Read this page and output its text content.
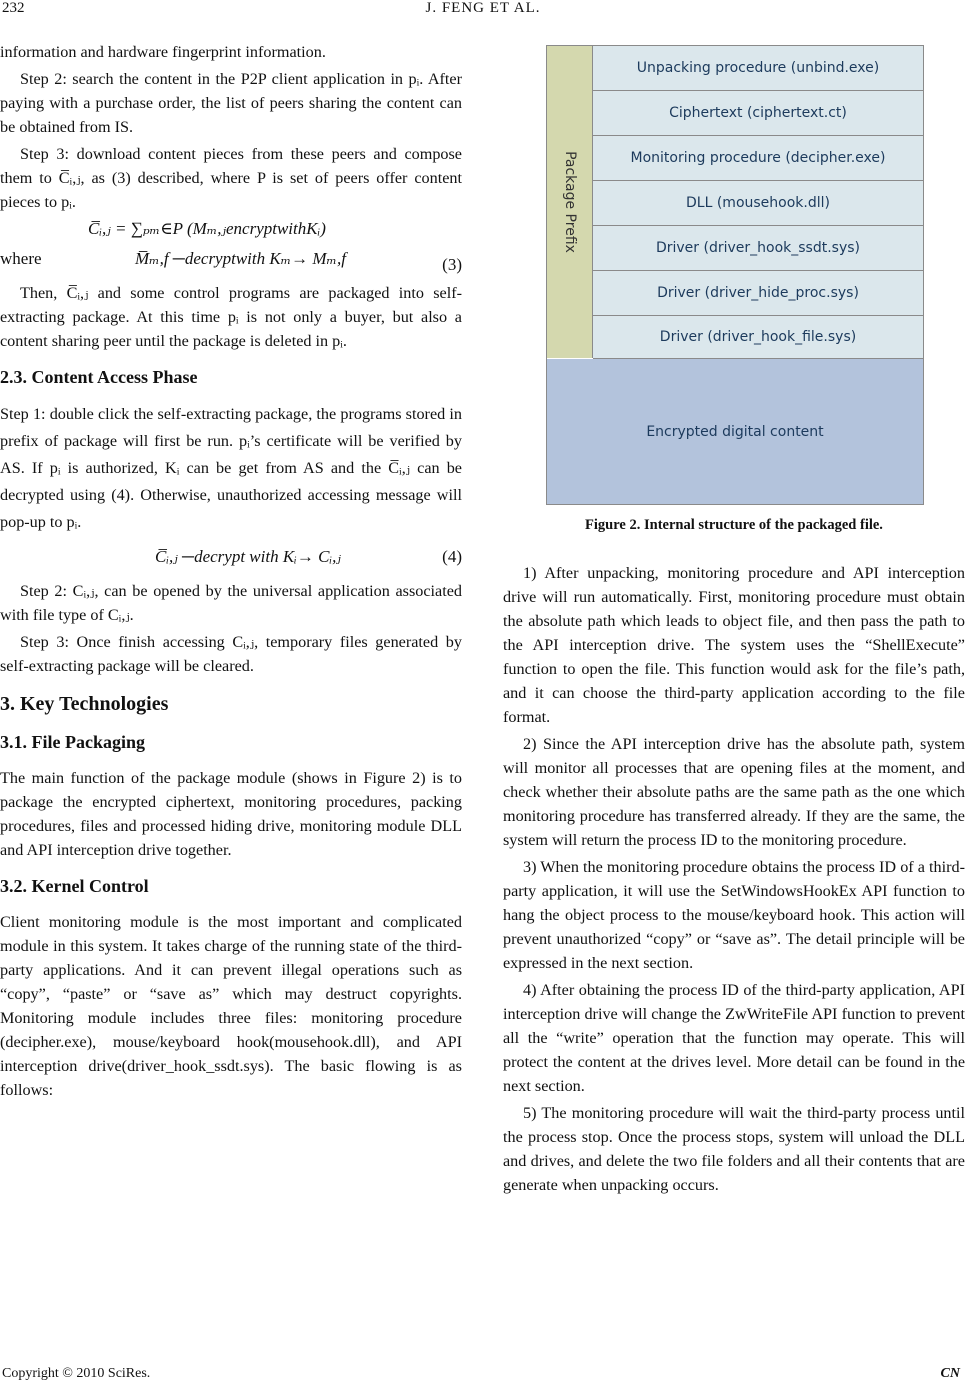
232	J. FENG ET AL.

information and hardware fingerprint information.

Step 2: search the content in the P2P client application in pᵢ. After paying with a purchase order, the list of peers sharing the content can be obtained from IS.

Step 3: download content pieces from these peers and compose them to C̅ᵢ,ⱼ, as (3) described, where P is set of peers offer content pieces to pᵢ.

C̅ᵢ,ⱼ = ∑ₚₘ∈P (Mₘ,ⱼencryptwithKᵢ)
where	M̅ₘ,f ─decryptwith Kₘ→ Mₘ,f	(3)

Then, C̅ᵢ,ⱼ and some control programs are packaged into self-extracting package. At this time pᵢ is not only a buyer, but also a content sharing peer until the package is deleted in pᵢ.

2.3. Content Access Phase

Step 1: double click the self-extracting package, the programs stored in prefix of package will first be run. pᵢ’s certificate will be verified by AS. If pᵢ is authorized, Kᵢ can be get from AS and the C̅ᵢ,ⱼ can be decrypted using (4). Otherwise, unauthorized accessing message will pop-up to pᵢ.

C̅ᵢ,ⱼ ─decrypt with Kᵢ→ Cᵢ,ⱼ	(4)

Step 2: Cᵢ,ⱼ, can be opened by the universal application associated with file type of Cᵢ,ⱼ.

Step 3: Once finish accessing Cᵢ,ⱼ, temporary files generated by self-extracting package will be cleared.

3. Key Technologies

3.1. File Packaging

The main function of the package module (shows in Figure 2) is to package the encrypted ciphertext, monitoring procedures, packing procedures, files and processed hiding drive, monitoring module DLL and API interception drive together.

3.2. Kernel Control

Client monitoring module is the most important and complicated module in this system. It takes charge of the running state of the third-party applications. And it can prevent illegal operations such as “copy”, “paste” or “save as” which may destruct copyrights. Monitoring module includes three files: monitoring procedure (decipher.exe), mouse/keyboard hook(mousehook.dll), and API interception drive(driver_hook_ssdt.sys). The basic flowing is as follows:

Package Prefix
Unpacking procedure (unbind.exe)
Ciphertext (ciphertext.ct)
Monitoring procedure (decipher.exe)
DLL (mousehook.dll)
Driver (driver_hook_ssdt.sys)
Driver (driver_hide_proc.sys)
Driver (driver_hook_file.sys)
Encrypted digital content
Figure 2. Internal structure of the packaged file.

1) After unpacking, monitoring procedure and API interception drive will run automatically. First, monitoring procedure must obtain the absolute path which leads to object file, and then pass the path to the API interception drive. The system uses the “ShellExecute” function to open the file. This function would ask for the file’s path, and it can choose the third-party application according to the file format.

2) Since the API interception drive has the absolute path, system will monitor all processes that are opening files at the moment, and check whether their absolute paths are the same path as the one which monitoring procedure has transferred already. If they are the same, the system will return the process ID to the monitoring procedure.

3) When the monitoring procedure obtains the process ID of a third-party application, it will use the SetWindowsHookEx API function to hang the object process to the mouse/keyboard hook. This action will prevent unauthorized “copy” or “save as”. The detail principle will be expressed in the next section.

4) After obtaining the process ID of the third-party application, API interception drive will change the ZwWriteFile API function to prevent all the “write” operation that the function may operate. This will protect the content at the drives level. More detail can be found in the next section.

5) The monitoring procedure will wait the third-party process until the process stop. Once the process stops, system will unload the DLL and drives, and delete the two file folders and all their contents that are generate when unpacking occurs.

Copyright © 2010 SciRes.	CN
